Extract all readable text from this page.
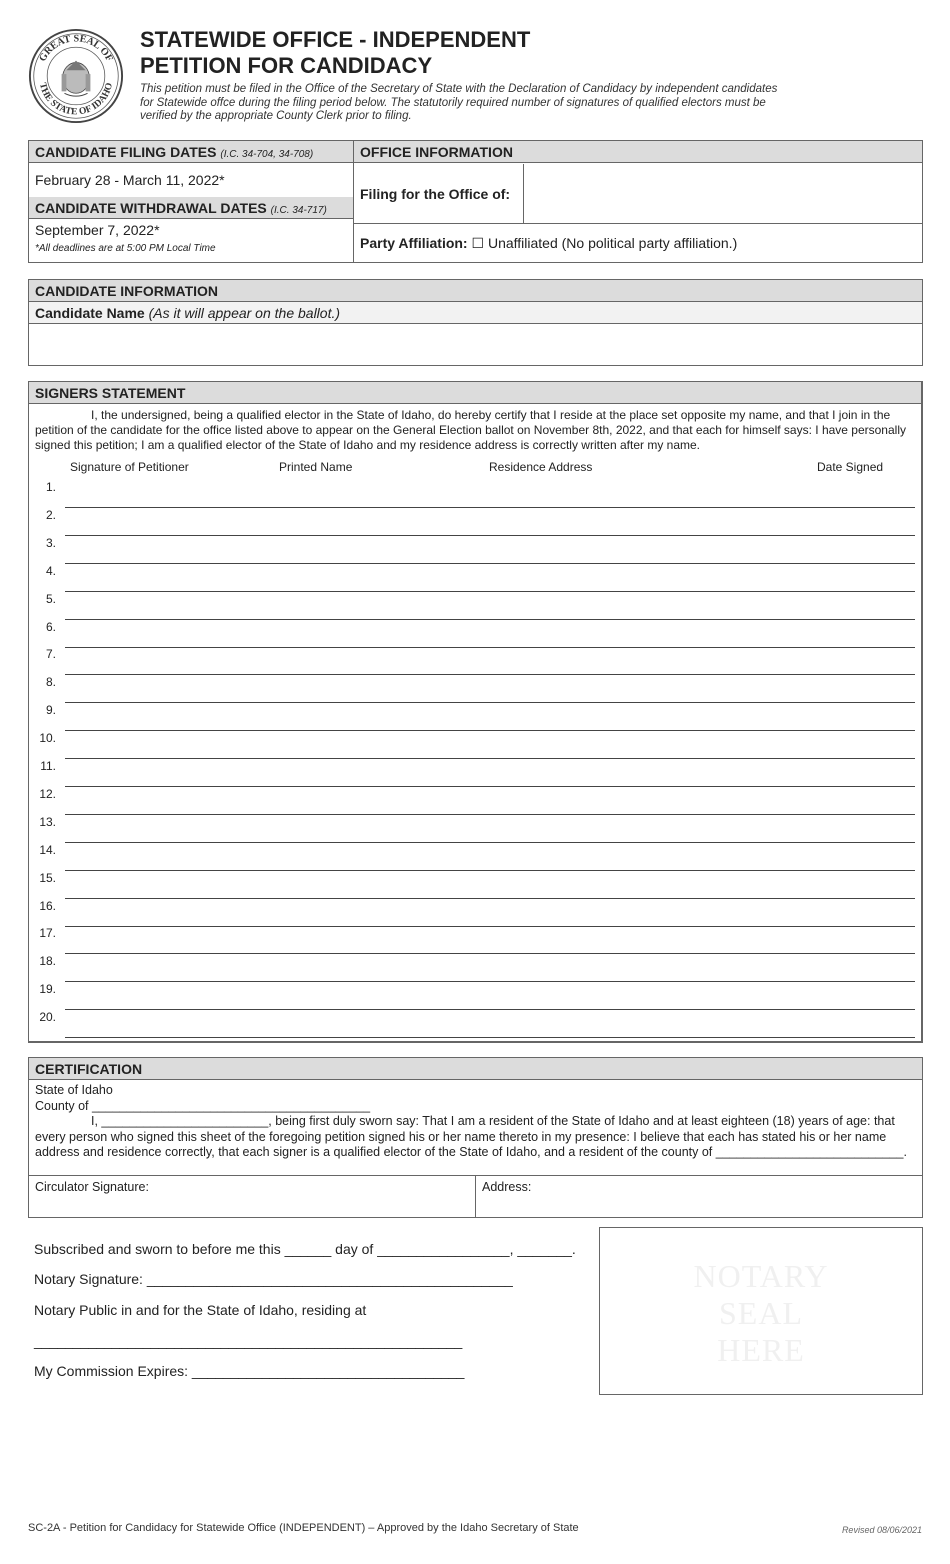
GREAT SEAL OF
THE STATE OF IDAHO
STATEWIDE OFFICE - INDEPENDENT
PETITION FOR CANDIDACY
This petition must be filed in the Office of the Secretary of State with the Declaration of Candidacy by independent candidates for Statewide offce during the filing period below. The statutorily required number of signatures of qualified electors must be verified by the appropriate County Clerk prior to filing.
CANDIDATE FILING DATES (I.C. 34-704, 34-708)
February 28 - March 11, 2022*
CANDIDATE WITHDRAWAL DATES (I.C. 34-717)
September 7, 2022*
*All deadlines are at 5:00 PM Local Time
OFFICE INFORMATION
Filing for the Office of:
Party Affiliation: ☐ Unaffiliated (No political party affiliation.)
CANDIDATE INFORMATION
Candidate Name (As it will appear on the ballot.)
SIGNERS STATEMENT
I, the undersigned, being a qualified elector in the State of Idaho, do hereby certify that I reside at the place set opposite my name, and that I join in the petition of the candidate for the office listed above to appear on the General Election ballot on November 8th, 2022, and that each for himself says: I have personally signed this petition; I am a qualified elector of the State of Idaho and my residence address is correctly written after my name.
Signature of Petitioner	Printed Name	Residence Address	Date Signed
1.
2.
3.
4.
5.
6.
7.
8.
9.
10.
11.
12.
13.
14.
15.
16.
17.
18.
19.
20.
CERTIFICATION
State of Idaho
County of ________________________________________
I, ________________________, being first duly sworn say: That I am a resident of the State of Idaho and at least eighteen (18) years of age: that every person who signed this sheet of the foregoing petition signed his or her name thereto in my presence: I believe that each has stated his or her name address and residence correctly, that each signer is a qualified elector of the State of Idaho, and a resident of the county of ___________________________.
Circulator Signature:	Address:
Subscribed and sworn to before me this ______ day of _________________, _______.
Notary Signature: _______________________________________________
Notary Public in and for the State of Idaho, residing at
_______________________________________________________
My Commission Expires: ___________________________________
NOTARY
SEAL
HERE
SC-2A - Petition for Candidacy for Statewide Office (INDEPENDENT) – Approved by the Idaho Secretary of State	Revised 08/06/2021
